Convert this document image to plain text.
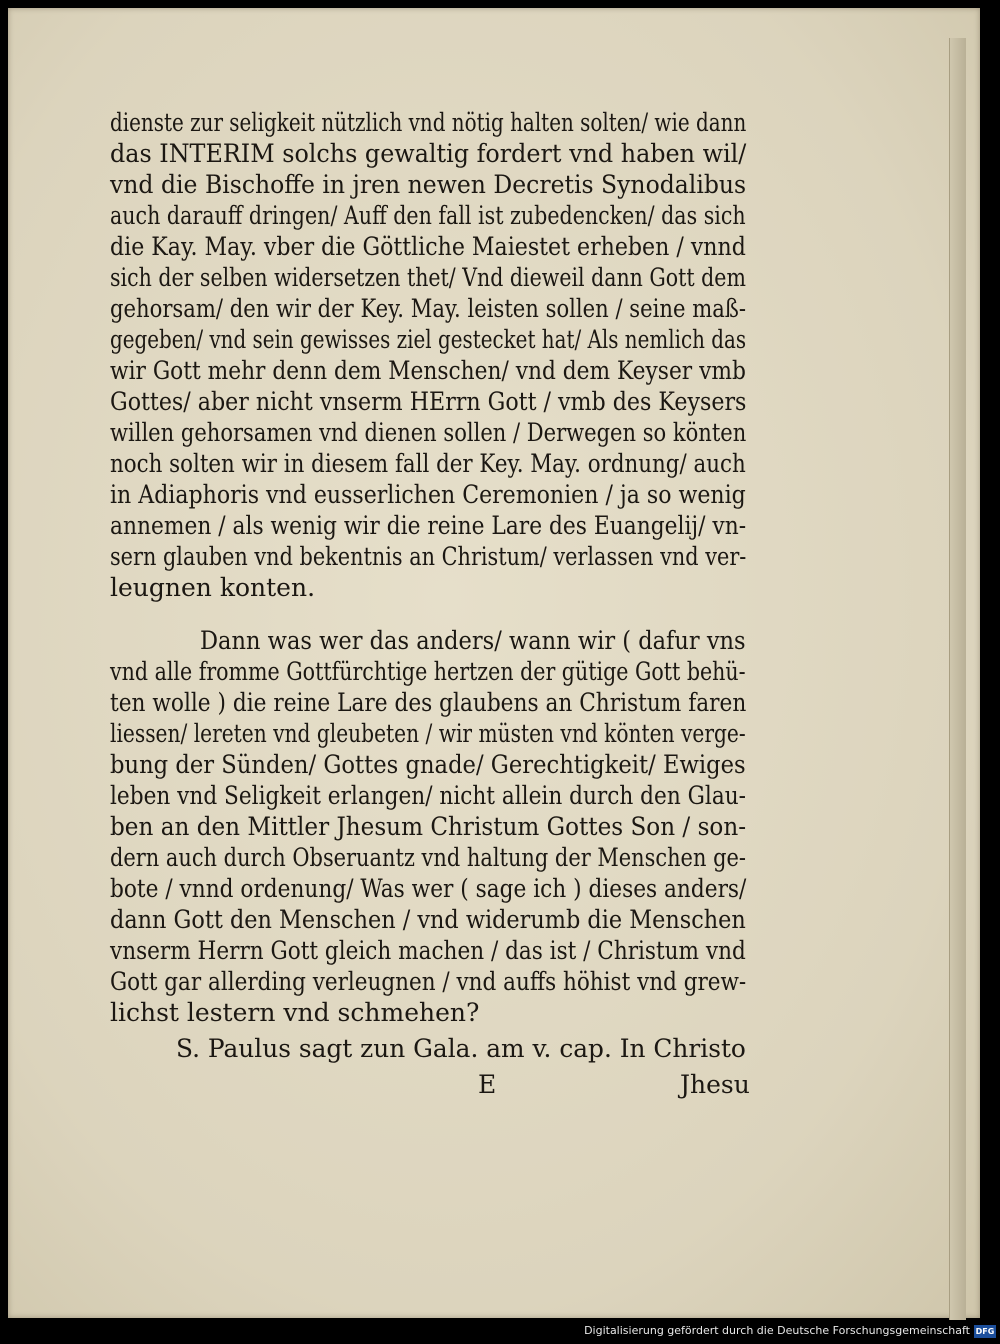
dienste zur seligkeit nützlich vnd nötig halten solten/ wie dann
das INTERIM solchs gewaltig fordert vnd haben wil/
vnd die Bischoffe in jren newen Decretis Synodalibus
auch darauff dringen/ Auff den fall ist zubedencken/ das sich
die Kay. May. vber die Göttliche Maiestet erheben / vnnd
sich der selben widersetzen thet/ Vnd dieweil dann Gott dem
gehorsam/ den wir der Key. May. leisten sollen / seine maß-
gegeben/ vnd sein gewisses ziel gestecket hat/ Als nemlich das
wir Gott mehr denn dem Menschen/ vnd dem Keyser vmb
Gottes/ aber nicht vnserm HErrn Gott / vmb des Keysers
willen gehorsamen vnd dienen sollen / Derwegen so könten
noch solten wir in diesem fall der Key. May. ordnung/ auch
in Adiaphoris vnd eusserlichen Ceremonien / ja so wenig
annemen / als wenig wir die reine Lare des Euangelij/ vn-
sern glauben vnd bekentnis an Christum/ verlassen vnd ver-
leugnen konten.
Dann was wer das anders/ wann wir ( dafur vns
vnd alle fromme Gottfürchtige hertzen der gütige Gott behü-
ten wolle ) die reine Lare des glaubens an Christum faren
liessen/ lereten vnd gleubeten / wir müsten vnd könten verge-
bung der Sünden/ Gottes gnade/ Gerechtigkeit/ Ewiges
leben vnd Seligkeit erlangen/ nicht allein durch den Glau-
ben an den Mittler Jhesum Christum Gottes Son / son-
dern auch durch Obseruantz vnd haltung der Menschen ge-
bote / vnnd ordenung/ Was wer ( sage ich ) dieses anders/
dann Gott den Menschen / vnd widerumb die Menschen
vnserm Herrn Gott gleich machen / das ist / Christum vnd
Gott gar allerding verleugnen / vnd auffs höhist vnd grew-
lichst lestern vnd schmehen?
S. Paulus sagt zun Gala. am v. cap. In Christo
E	Jhesu
Digitalisierung gefördert durch die Deutsche Forschungsgemeinschaft DFG
